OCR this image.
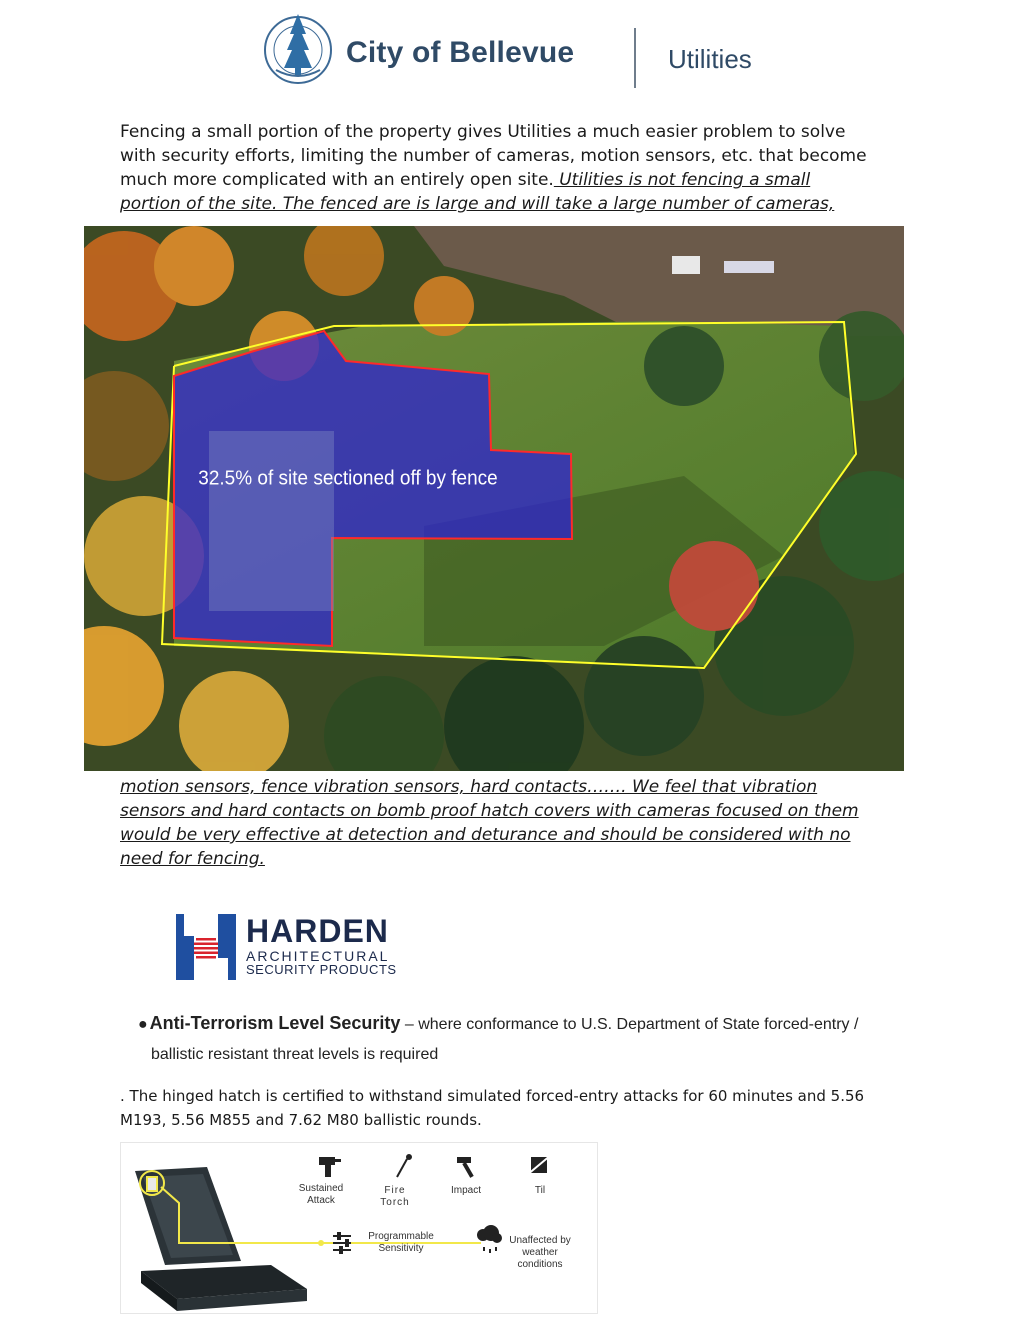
City of Bellevue	Utilities
Fencing a small portion of the property gives Utilities a much easier problem to solve
with security efforts, limiting the number of cameras, motion sensors, etc. that become
much more complicated with an entirely open site. Utilities is not fencing a small
portion of the site. The fenced are is large and will take a large number of cameras,
32.5% of site sectioned off by fence
motion sensors, fence vibration sensors, hard contacts……. We feel that vibration
sensors and hard contacts on bomb proof hatch covers with cameras focused on them
would be very effective at detection and deturance and should be considered with no
need for fencing.
HARDEN
ARCHITECTURAL
SECURITY PRODUCTS
● Anti-Terrorism Level Security – where conformance to U.S. Department of State forced-entry /
ballistic resistant threat levels is required
. The hinged hatch is certified to withstand simulated forced-entry attacks for 60 minutes and 5.56
M193, 5.56 M855 and 7.62 M80 ballistic rounds.
Sustained
Attack
Fire
Torch
Impact	Til
Programmable
Sensitivity
Unaffected by
weather
conditions
